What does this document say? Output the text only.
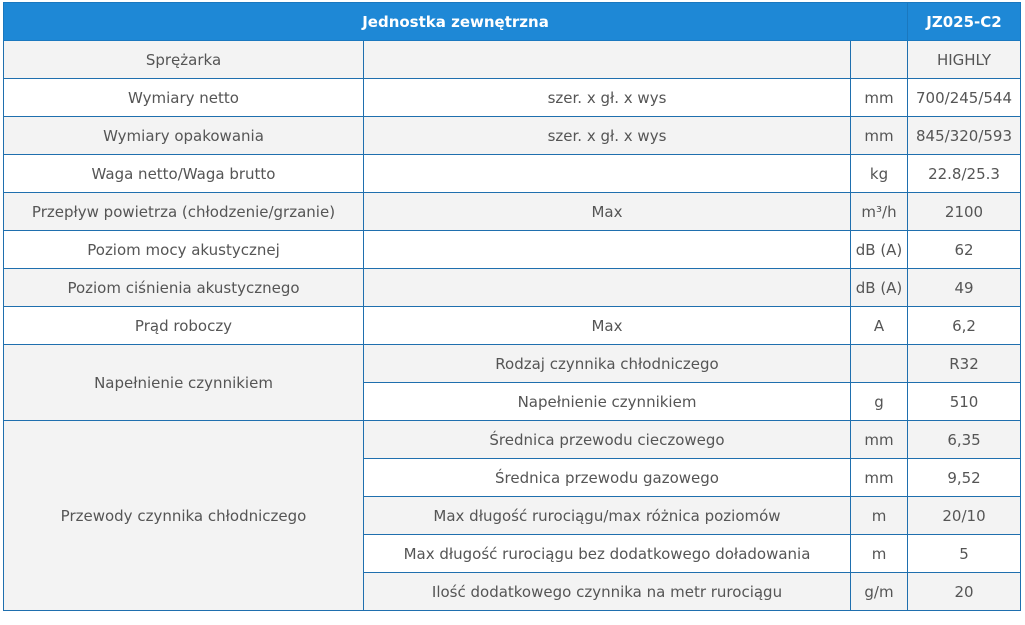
Jednostka zewnętrzna			JZ025-C2
Sprężarka			HIGHLY
Wymiary netto	szer. x gł. x wys	mm	700/245/544
Wymiary opakowania	szer. x gł. x wys	mm	845/320/593
Waga netto/Waga brutto		kg	22.8/25.3
Przepływ powietrza (chłodzenie/grzanie)	Max	m³/h	2100
Poziom mocy akustycznej		dB (A)	62
Poziom ciśnienia akustycznego		dB (A)	49
Prąd roboczy	Max	A	6,2
Napełnienie czynnikiem	Rodzaj czynnika chłodniczego		R32
	Napełnienie czynnikiem	g	510
Przewody czynnika chłodniczego	Średnica przewodu cieczowego	mm	6,35
	Średnica przewodu gazowego	mm	9,52
	Max długość rurociągu/max różnica poziomów	m	20/10
	Max długość rurociągu bez dodatkowego doładowania	m	5
	Ilość dodatkowego czynnika na metr rurociągu	g/m	20
